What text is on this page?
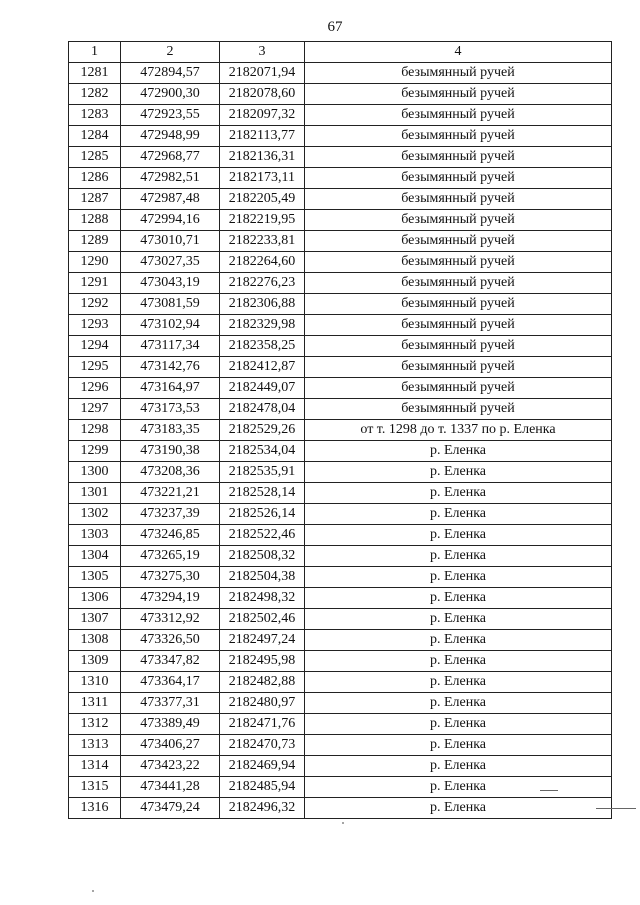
67
1	2	3	4
1281	472894,57	2182071,94	безымянный ручей
1282	472900,30	2182078,60	безымянный ручей
1283	472923,55	2182097,32	безымянный ручей
1284	472948,99	2182113,77	безымянный ручей
1285	472968,77	2182136,31	безымянный ручей
1286	472982,51	2182173,11	безымянный ручей
1287	472987,48	2182205,49	безымянный ручей
1288	472994,16	2182219,95	безымянный ручей
1289	473010,71	2182233,81	безымянный ручей
1290	473027,35	2182264,60	безымянный ручей
1291	473043,19	2182276,23	безымянный ручей
1292	473081,59	2182306,88	безымянный ручей
1293	473102,94	2182329,98	безымянный ручей
1294	473117,34	2182358,25	безымянный ручей
1295	473142,76	2182412,87	безымянный ручей
1296	473164,97	2182449,07	безымянный ручей
1297	473173,53	2182478,04	безымянный ручей
1298	473183,35	2182529,26	от т. 1298 до т. 1337 по р. Еленка
1299	473190,38	2182534,04	р. Еленка
1300	473208,36	2182535,91	р. Еленка
1301	473221,21	2182528,14	р. Еленка
1302	473237,39	2182526,14	р. Еленка
1303	473246,85	2182522,46	р. Еленка
1304	473265,19	2182508,32	р. Еленка
1305	473275,30	2182504,38	р. Еленка
1306	473294,19	2182498,32	р. Еленка
1307	473312,92	2182502,46	р. Еленка
1308	473326,50	2182497,24	р. Еленка
1309	473347,82	2182495,98	р. Еленка
1310	473364,17	2182482,88	р. Еленка
1311	473377,31	2182480,97	р. Еленка
1312	473389,49	2182471,76	р. Еленка
1313	473406,27	2182470,73	р. Еленка
1314	473423,22	2182469,94	р. Еленка
1315	473441,28	2182485,94	р. Еленка
1316	473479,24	2182496,32	р. Еленка
